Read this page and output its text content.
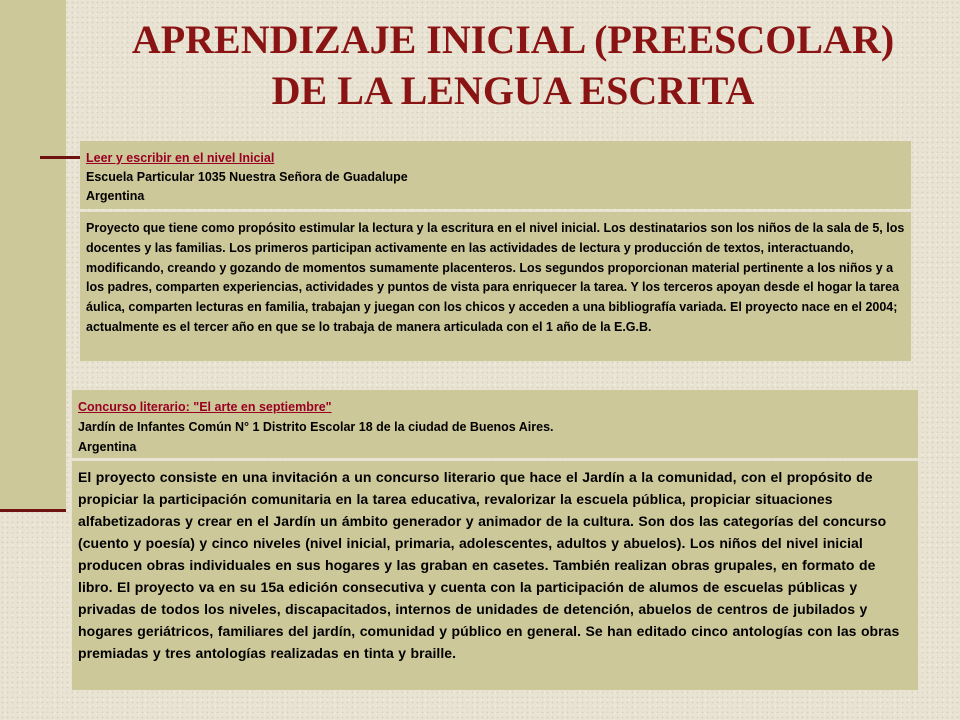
APRENDIZAJE INICIAL (PREESCOLAR)
DE LA LENGUA ESCRITA
Leer y escribir en el nivel Inicial
Escuela Particular 1035 Nuestra Señora de Guadalupe
Argentina
Proyecto que tiene como propósito estimular la lectura y la escritura en el nivel inicial. Los destinatarios son los niños de la sala de 5, los docentes y las familias. Los primeros participan activamente en las actividades de lectura y producción de textos, interactuando, modificando, creando y gozando de momentos sumamente placenteros. Los segundos proporcionan material pertinente a los niños y a los padres, comparten experiencias, actividades y puntos de vista para enriquecer la tarea. Y los terceros apoyan desde el hogar la tarea áulica, comparten lecturas en familia, trabajan y juegan con los chicos y acceden a una bibliografía variada. El proyecto nace en el 2004; actualmente es el tercer año en que se lo trabaja de manera articulada con el 1 año de la E.G.B.
Concurso literario: "El arte en septiembre"
Jardín de Infantes Común N° 1 Distrito Escolar 18 de la ciudad de Buenos Aires.
Argentina
El proyecto consiste en una invitación a un concurso literario que hace el Jardín a la comunidad, con el propósito de propiciar la participación comunitaria en la tarea educativa, revalorizar la escuela pública, propiciar situaciones alfabetizadoras y crear en el Jardín un ámbito generador y animador de la cultura. Son dos las categorías del concurso (cuento y poesía) y cinco niveles (nivel inicial, primaria, adolescentes, adultos y abuelos). Los niños del nivel inicial producen obras individuales en sus hogares y las graban en casetes. También realizan obras grupales, en formato de libro. El proyecto va en su 15a edición consecutiva y cuenta con la participación de alumos de escuelas públicas y privadas de todos los niveles, discapacitados, internos de unidades de detención, abuelos de centros de jubilados y hogares geriátricos, familiares del jardín, comunidad y público en general. Se han editado cinco antologías con las obras premiadas y tres antologías realizadas en tinta y braille.
